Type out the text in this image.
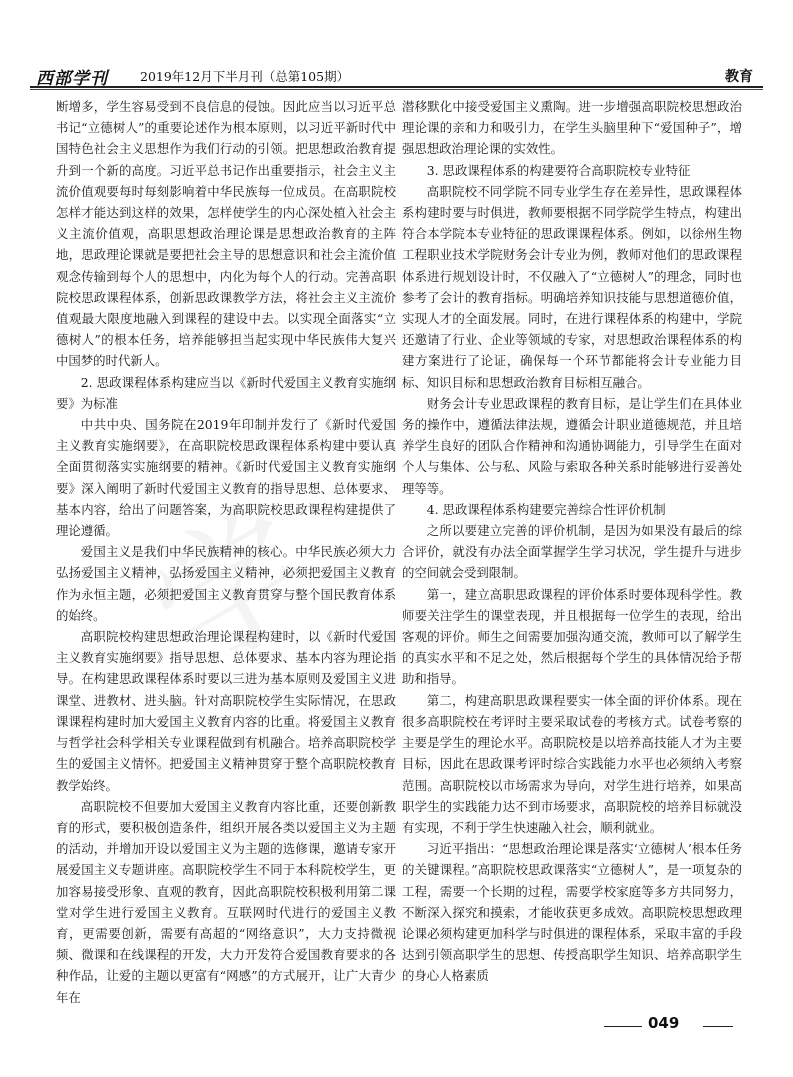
西部学刊	2019年12月下半月刊（总第105期）	教育

断增多，学生容易受到不良信息的侵蚀。因此应当以习近平总书记“立德树人”的重要论述作为根本原则，以习近平新时代中国特色社会主义思想作为我们行动的引领。把思想政治教育提升到一个新的高度。习近平总书记作出重要指示，社会主义主流价值观要每时每刻影响着中华民族每一位成员。在高职院校怎样才能达到这样的效果，怎样使学生的内心深处植入社会主义主流价值观，高职思想政治理论课是思想政治教育的主阵地，思政理论课就是要把社会主导的思想意识和社会主流价值观念传输到每个人的思想中，内化为每个人的行动。完善高职院校思政课程体系，创新思政课教学方法，将社会主义主流价值观最大限度地融入到课程的建设中去。以实现全面落实“立德树人”的根本任务，培养能够担当起实现中华民族伟大复兴中国梦的时代新人。

2. 思政课程体系构建应当以《新时代爱国主义教育实施纲要》为标准

中共中央、国务院在2019年印制并发行了《新时代爱国主义教育实施纲要》，在高职院校思政课程体系构建中要认真全面贯彻落实实施纲要的精神。《新时代爱国主义教育实施纲要》深入阐明了新时代爱国主义教育的指导思想、总体要求、基本内容，给出了问题答案，为高职院校思政课程构建提供了理论遵循。

爱国主义是我们中华民族精神的核心。中华民族必须大力弘扬爱国主义精神，弘扬爱国主义精神，必须把爱国主义教育作为永恒主题，必须把爱国主义教育贯穿与整个国民教育体系的始终。

高职院校构建思想政治理论课程构建时，以《新时代爱国主义教育实施纲要》指导思想、总体要求、基本内容为理论指导。在构建思政课程体系时要以三进为基本原则及爱国主义进课堂、进教材、进头脑。针对高职院校学生实际情况，在思政课课程构建时加大爱国主义教育内容的比重。将爱国主义教育与哲学社会科学相关专业课程做到有机融合。培养高职院校学生的爱国主义情怀。把爱国主义精神贯穿于整个高职院校教育教学始终。

高职院校不但要加大爱国主义教育内容比重，还要创新教育的形式，要积极创造条件，组织开展各类以爱国主义为主题的活动，并增加开设以爱国主义为主题的选修课，邀请专家开展爱国主义专题讲座。高职院校学生不同于本科院校学生，更加容易接受形象、直观的教育，因此高职院校积极利用第二课堂对学生进行爱国主义教育。互联网时代进行的爱国主义教育，更需要创新，需要有高超的“网络意识”，大力支持微视频、微课和在线课程的开发，大力开发符合爱国教育要求的各种作品，让爱的主题以更富有“网感”的方式展开，让广大青少年在

潜移默化中接受爱国主义熏陶。进一步增强高职院校思想政治理论课的亲和力和吸引力，在学生头脑里种下“爱国种子”，增强思想政治理论课的实效性。

3. 思政课程体系的构建要符合高职院校专业特征

高职院校不同学院不同专业学生存在差异性，思政课程体系构建时要与时俱进，教师要根据不同学院学生特点，构建出符合本学院本专业特征的思政课课程体系。例如，以徐州生物工程职业技术学院财务会计专业为例，教师对他们的思政课程体系进行规划设计时，不仅融入了“立德树人”的理念，同时也参考了会计的教育指标。明确培养知识技能与思想道德价值，实现人才的全面发展。同时，在进行课程体系的构建中，学院还邀请了行业、企业等领域的专家，对思想政治课程体系的构建方案进行了论证，确保每一个环节都能将会计专业能力目标、知识目标和思想政治教育目标相互融合。

财务会计专业思政课程的教育目标，是让学生们在具体业务的操作中，遵循法律法规，遵循会计职业道德规范，并且培养学生良好的团队合作精神和沟通协调能力，引导学生在面对个人与集体、公与私、风险与索取各种关系时能够进行妥善处理等等。

4. 思政课程体系构建要完善综合性评价机制

之所以要建立完善的评价机制，是因为如果没有最后的综合评价，就没有办法全面掌握学生学习状况，学生提升与进步的空间就会受到限制。

第一，建立高职思政课程的评价体系时要体现科学性。教师要关注学生的课堂表现，并且根据每一位学生的表现，给出客观的评价。师生之间需要加强沟通交流，教师可以了解学生的真实水平和不足之处，然后根据每个学生的具体情况给予帮助和指导。

第二，构建高职思政课程要实一体全面的评价体系。现在很多高职院校在考评时主要采取试卷的考核方式。试卷考察的主要是学生的理论水平。高职院校是以培养高技能人才为主要目标，因此在思政课考评时综合实践能力水平也必须纳入考察范围。高职院校以市场需求为导向，对学生进行培养，如果高职学生的实践能力达不到市场要求，高职院校的培养目标就没有实现，不利于学生快速融入社会，顺利就业。

习近平指出：“思想政治理论课是落实‘立德树人’根本任务的关键课程。”高职院校思政课落实“立德树人”，是一项复杂的工程，需要一个长期的过程，需要学校家庭等多方共同努力，不断深入探究和摸索，才能收获更多成效。高职院校思想政理论课必须构建更加科学与时俱进的课程体系，采取丰富的手段达到引领高职学生的思想、传授高职学生知识、培养高职学生的身心人格素质

049
